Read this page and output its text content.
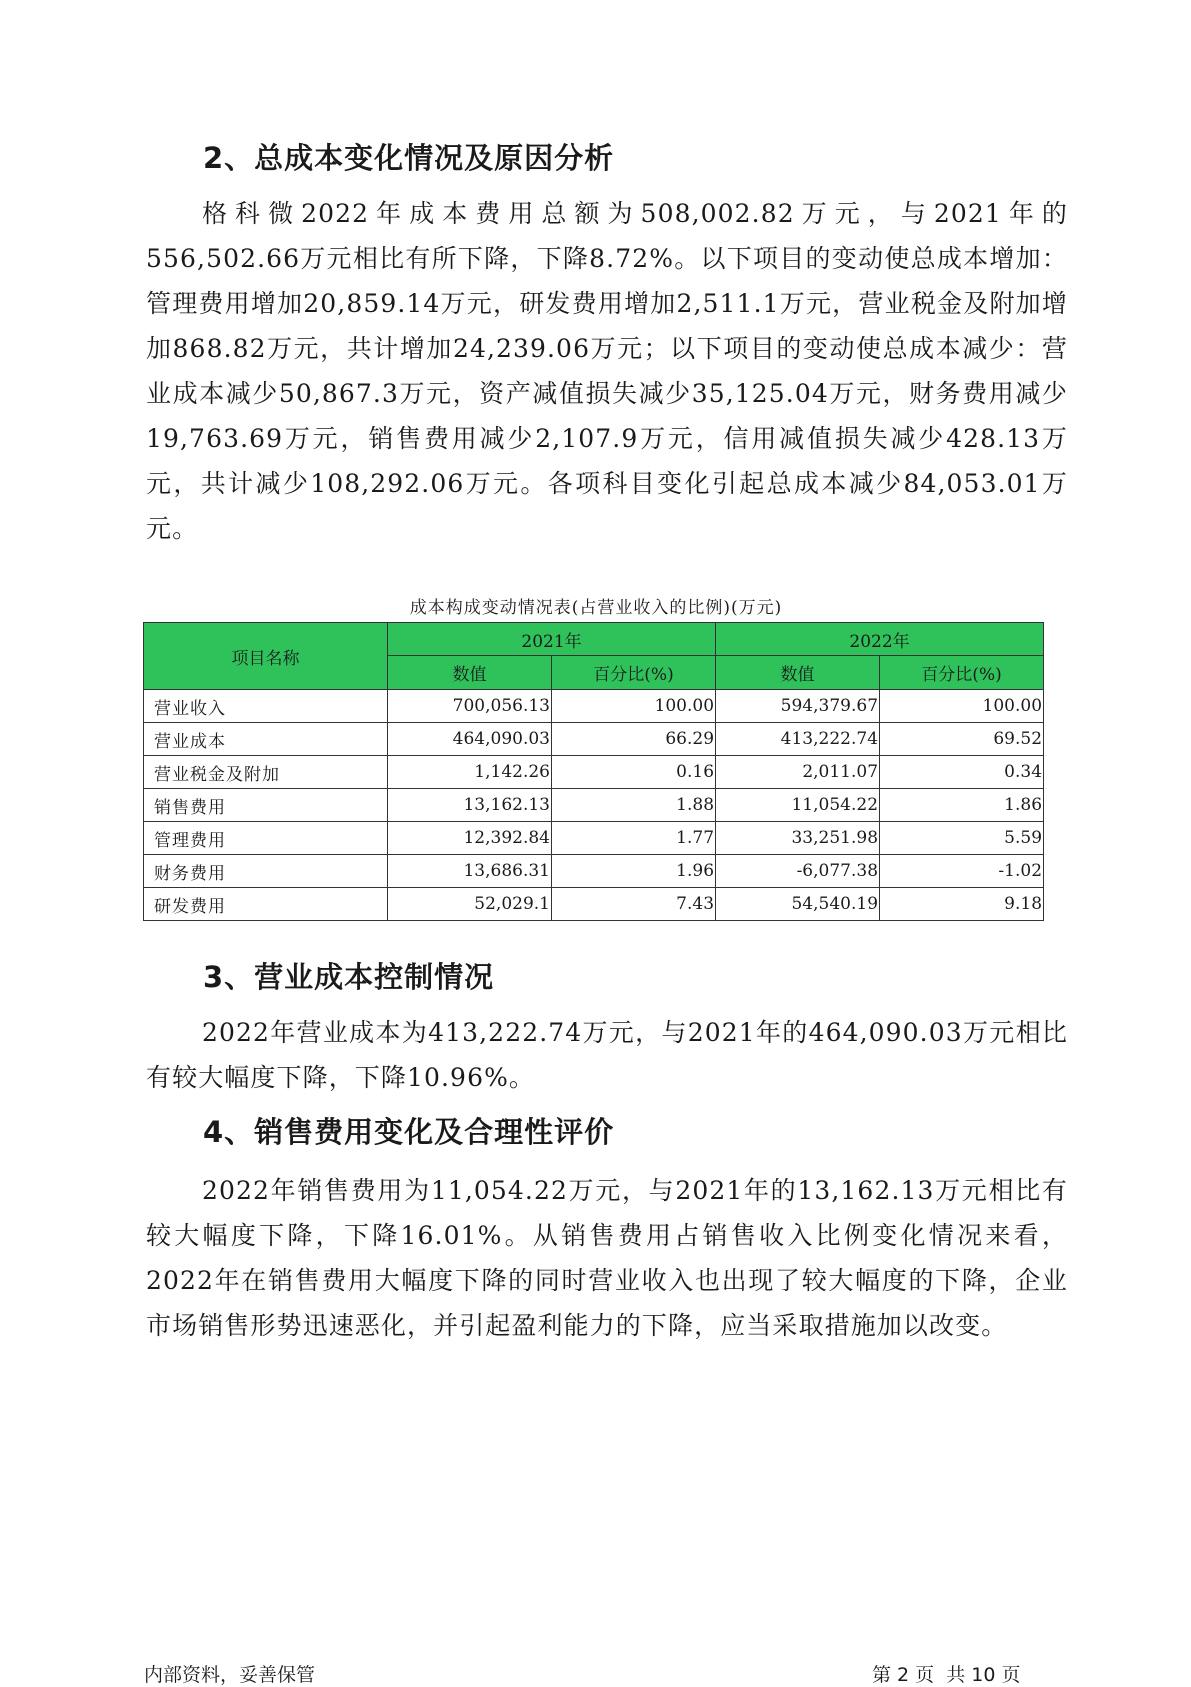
2、总成本变化情况及原因分析

格科微2022年成本费用总额为508,002.82万元，与2021年的556,502.66万元相比有所下降，下降8.72%。以下项目的变动使总成本增加：管理费用增加20,859.14万元，研发费用增加2,511.1万元，营业税金及附加增加868.82万元，共计增加24,239.06万元；以下项目的变动使总成本减少：营业成本减少50,867.3万元，资产减值损失减少35,125.04万元，财务费用减少19,763.69万元，销售费用减少2,107.9万元，信用减值损失减少428.13万元，共计减少108,292.06万元。各项科目变化引起总成本减少84,053.01万元。

成本构成变动情况表(占营业收入的比例)(万元)
项目名称	2021年		2022年	
	数值	百分比(%)	数值	百分比(%)
营业收入	700,056.13	100.00	594,379.67	100.00
营业成本	464,090.03	66.29	413,222.74	69.52
营业税金及附加	1,142.26	0.16	2,011.07	0.34
销售费用	13,162.13	1.88	11,054.22	1.86
管理费用	12,392.84	1.77	33,251.98	5.59
财务费用	13,686.31	1.96	-6,077.38	-1.02
研发费用	52,029.1	7.43	54,540.19	9.18
3、营业成本控制情况

2022年营业成本为413,222.74万元，与2021年的464,090.03万元相比有较大幅度下降，下降10.96%。

4、销售费用变化及合理性评价

2022年销售费用为11,054.22万元，与2021年的13,162.13万元相比有较大幅度下降，下降16.01%。从销售费用占销售收入比例变化情况来看，2022年在销售费用大幅度下降的同时营业收入也出现了较大幅度的下降，企业市场销售形势迅速恶化，并引起盈利能力的下降，应当采取措施加以改变。

内部资料，妥善保管	第 2 页  共 10 页
